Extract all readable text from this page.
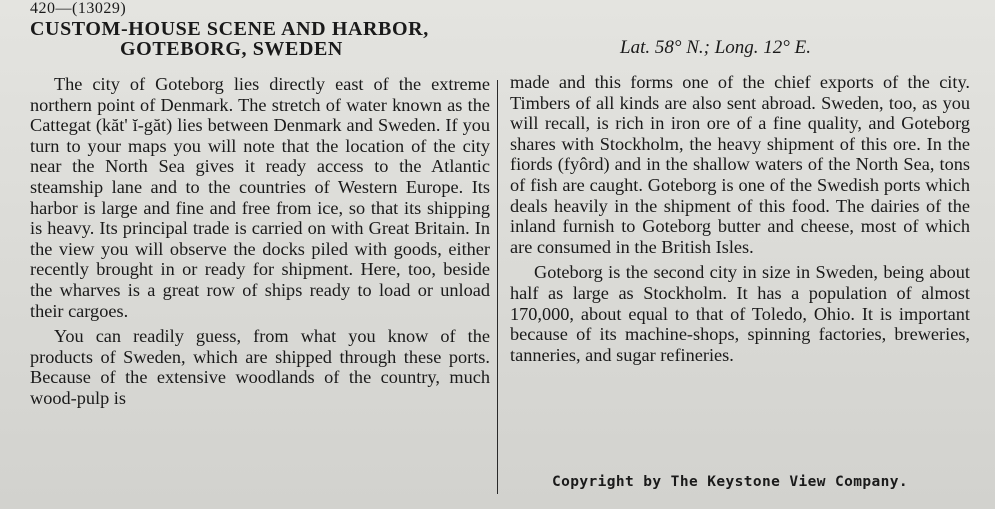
420—(13029)
CUSTOM-HOUSE SCENE AND HARBOR,
GOTEBORG, SWEDEN	Lat. 58° N.; Long. 12° E.

The city of Goteborg lies directly east of the extreme northern point of Denmark. The stretch of water known as the Cattegat (kăt' ĭ-găt) lies between Denmark and Sweden. If you turn to your maps you will note that the location of the city near the North Sea gives it ready access to the Atlantic steamship lane and to the countries of Western Europe. Its harbor is large and fine and free from ice, so that its shipping is heavy. Its principal trade is carried on with Great Britain. In the view you will observe the docks piled with goods, either recently brought in or ready for shipment. Here, too, beside the wharves is a great row of ships ready to load or unload their cargoes.

You can readily guess, from what you know of the products of Sweden, which are shipped through these ports. Because of the extensive woodlands of the country, much wood-pulp is

made and this forms one of the chief exports of the city. Timbers of all kinds are also sent abroad. Sweden, too, as you will recall, is rich in iron ore of a fine quality, and Goteborg shares with Stockholm, the heavy shipment of this ore. In the fiords (fyôrd) and in the shallow waters of the North Sea, tons of fish are caught. Goteborg is one of the Swedish ports which deals heavily in the shipment of this food. The dairies of the inland furnish to Goteborg butter and cheese, most of which are consumed in the British Isles.

Goteborg is the second city in size in Sweden, being about half as large as Stockholm. It has a population of almost 170,000, about equal to that of Toledo, Ohio. It is important because of its machine-shops, spinning factories, breweries, tanneries, and sugar refineries.

Copyright by The Keystone View Company.
